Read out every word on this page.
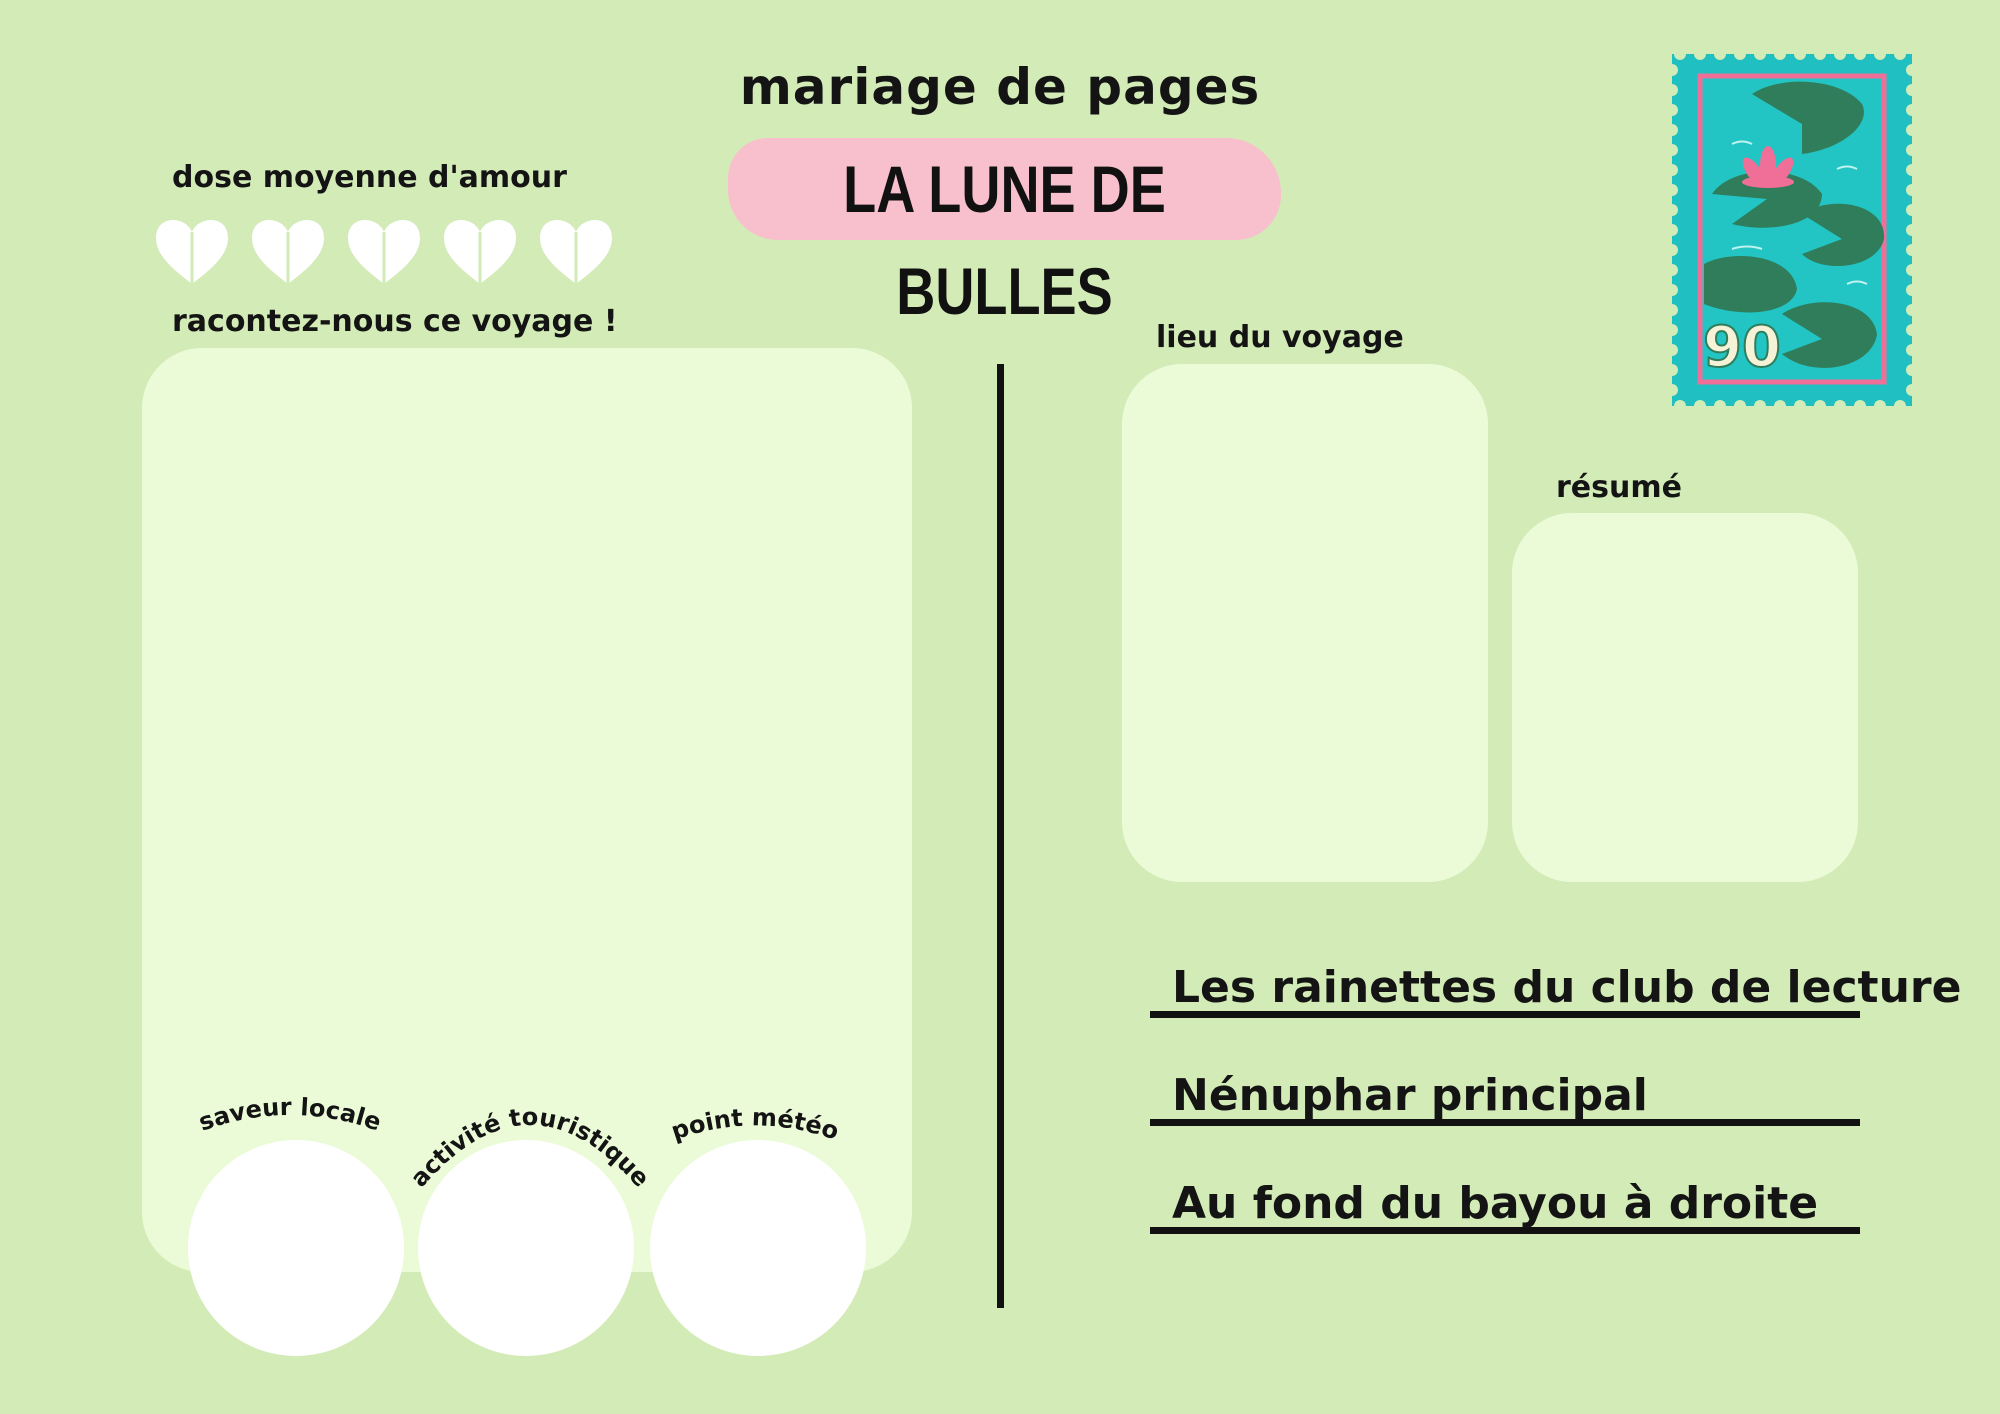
mariage de pages
LA LUNE DE BULLES
dose moyenne d'amour
racontez-nous ce voyage !
saveur locale
activité touristique
point météo
lieu du voyage
résumé
Les rainettes du club de lecture
Nénuphar principal
Au fond du bayou à droite
90
